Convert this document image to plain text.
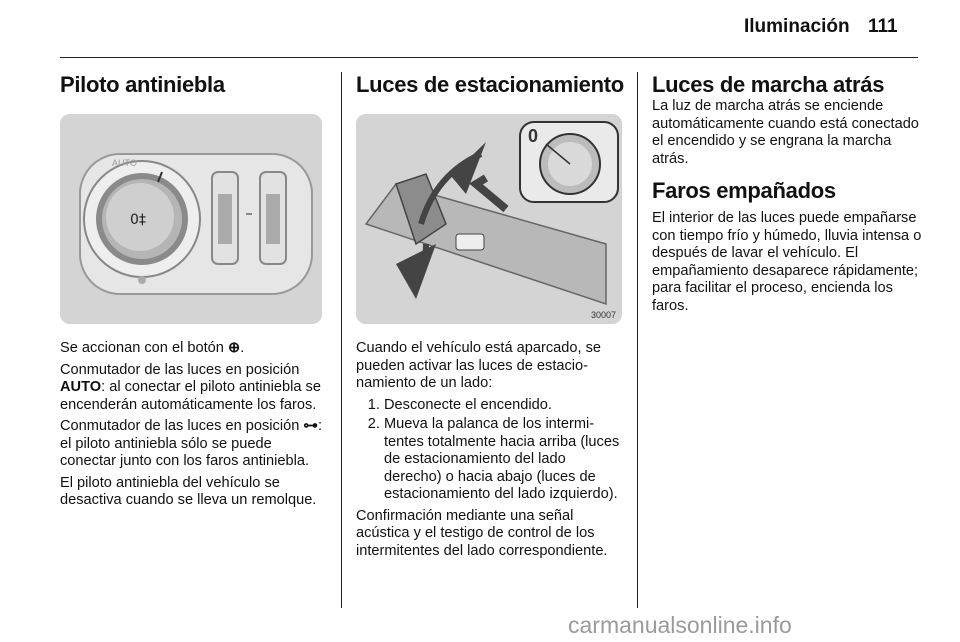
Iluminación 111
Piloto antiniebla
0‡
AUTO

Se accionan con el botón ⊕.

Conmutador de las luces en posición AUTO: al conectar el piloto antiniebla se encenderán automáticamente los faros.

Conmutador de las luces en posición ⊶: el piloto antiniebla sólo se puede conectar junto con los faros antiniebla.

El piloto antiniebla del vehículo se desactiva cuando se lleva un remolque.

Luces de estacionamiento
0
30007

Cuando el vehículo está aparcado, se pueden activar las luces de estacionamiento de un lado:

1. Desconecte el encendido.
2. Mueva la palanca de los intermitentes totalmente hacia arriba (luces de estacionamiento del lado derecho) o hacia abajo (luces de estacionamiento del lado izquierdo).

Confirmación mediante una señal acústica y el testigo de control de los intermitentes del lado correspondiente.

Luces de marcha atrás

La luz de marcha atrás se enciende automáticamente cuando está conectado el encendido y se engrana la marcha atrás.

Faros empañados

El interior de las luces puede empañarse con tiempo frío y húmedo, lluvia intensa o después de lavar el vehículo. El empañamiento desaparece rápidamente; para facilitar el proceso, encienda los faros.

carmanualsonline.info
